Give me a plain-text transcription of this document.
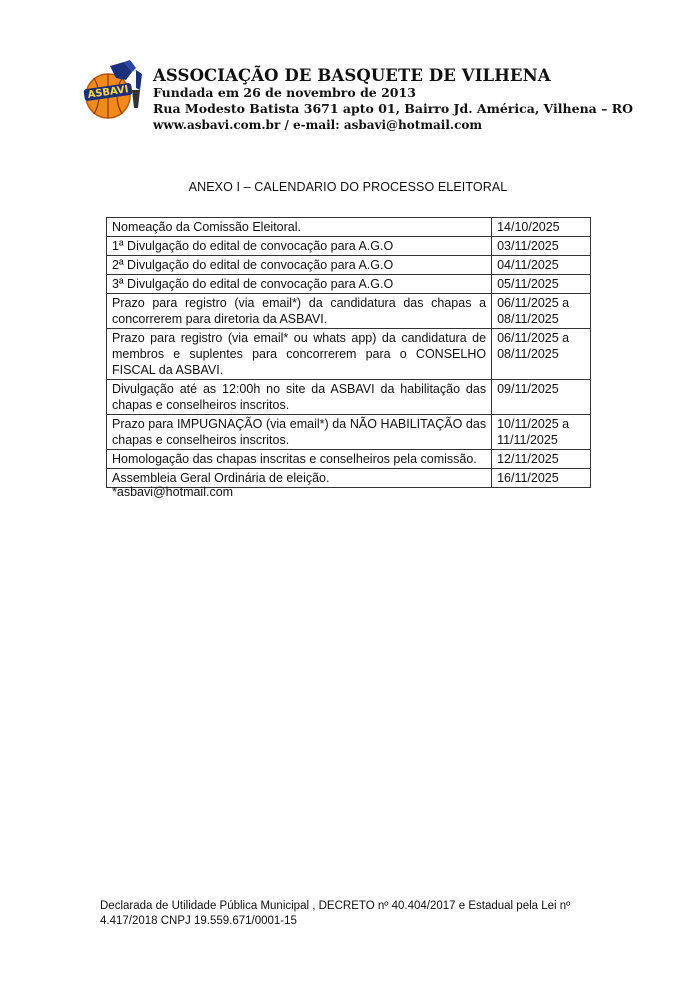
ASBAVI
ASSOCIAÇÃO DE BASQUETE DE VILHENA
Fundada em 26 de novembro de 2013
Rua Modesto Batista 3671 apto 01, Bairro Jd. América, Vilhena – RO
www.asbavi.com.br / e-mail: asbavi@hotmail.com
ANEXO I – CALENDARIO DO PROCESSO ELEITORAL
Nomeação da Comissão Eleitoral.	14/10/2025
1ª Divulgação do edital de convocação para A.G.O	03/11/2025
2ª Divulgação do edital de convocação para A.G.O	04/11/2025
3ª Divulgação do edital de convocação para A.G.O	05/11/2025
Prazo para registro (via email*) da candidatura das chapas a concorrerem para diretoria da ASBAVI.	06/11/2025 a 08/11/2025
Prazo para registro (via email* ou whats app) da candidatura de membros e suplentes para concorrerem para o CONSELHO FISCAL da ASBAVI.	06/11/2025 a 08/11/2025
Divulgação até as 12:00h no site da ASBAVI da habilitação das chapas e conselheiros inscritos.	09/11/2025
Prazo para IMPUGNAÇÃO (via email*) da NÃO HABILITAÇÃO das chapas e conselheiros inscritos.	10/11/2025 a 11/11/2025
Homologação das chapas inscritas e conselheiros pela comissão.	12/11/2025
Assembleia Geral Ordinária de eleição.	16/11/2025
*asbavi@hotmail.com
Declarada de Utilidade Pública Municipal , DECRETO nº 40.404/2017 e Estadual pela Lei nº
4.417/2018 CNPJ 19.559.671/0001-15
